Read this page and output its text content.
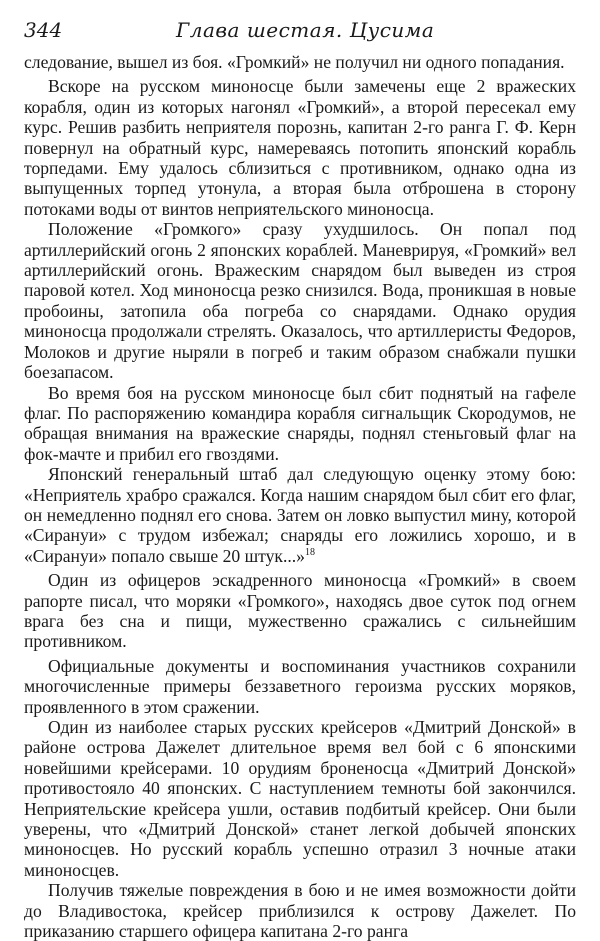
344	Глава шестая. Цусима

следование, вышел из боя. «Громкий» не получил ни одного попадания.

Вскоре на русском миноносце были замечены еще 2 вражеских корабля, один из которых нагонял «Громкий», а второй пересекал ему курс. Решив разбить неприятеля порознь, капитан 2-го ранга Г. Ф. Керн повернул на обратный курс, намереваясь потопить японский корабль торпедами. Ему удалось сблизиться с противником, однако одна из выпущенных торпед утонула, а вторая была отброшена в сторону потоками воды от винтов неприятельского миноносца.

Положение «Громкого» сразу ухудшилось. Он попал под артиллерийский огонь 2 японских кораблей. Маневрируя, «Громкий» вел артиллерийский огонь. Вражеским снарядом был выведен из строя паровой котел. Ход миноносца резко снизился. Вода, проникшая в новые пробоины, затопила оба погреба со снарядами. Однако орудия миноносца продолжали стрелять. Оказалось, что артиллеристы Федоров, Молоков и другие ныряли в погреб и таким образом снабжали пушки боезапасом.

Во время боя на русском миноносце был сбит поднятый на гафеле флаг. По распоряжению командира корабля сигнальщик Скородумов, не обращая внимания на вражеские снаряды, поднял стеньговый флаг на фок-мачте и прибил его гвоздями.

Японский генеральный штаб дал следующую оценку этому бою: «Неприятель храбро сражался. Когда нашим снарядом был сбит его флаг, он немедленно поднял его снова. Затем он ловко выпустил мину, которой «Сирануи» с трудом избежал; снаряды его ложились хорошо, и в «Сирануи» попало свыше 20 штук...»$^{18}$

Один из офицеров эскадренного миноносца «Громкий» в своем рапорте писал, что моряки «Громкого», находясь двое суток под огнем врага без сна и пищи, мужественно сражались с сильнейшим противником.

Официальные документы и воспоминания участников сохранили многочисленные примеры беззаветного героизма русских моряков, проявленного в этом сражении.

Один из наиболее старых русских крейсеров «Дмитрий Донской» в районе острова Дажелет длительное время вел бой с 6 японскими новейшими крейсерами. 10 орудиям броненосца «Дмитрий Донской» противостояло 40 японских. С наступлением темноты бой закончился. Неприятельские крейсера ушли, оставив подбитый крейсер. Они были уверены, что «Дмитрий Донской» станет легкой добычей японских миноносцев. Но русский корабль успешно отразил 3 ночные атаки миноносцев.

Получив тяжелые повреждения в бою и не имея возможности дойти до Владивостока, крейсер приблизился к острову Дажелет. По приказанию старшего офицера капитана 2-го ранга
